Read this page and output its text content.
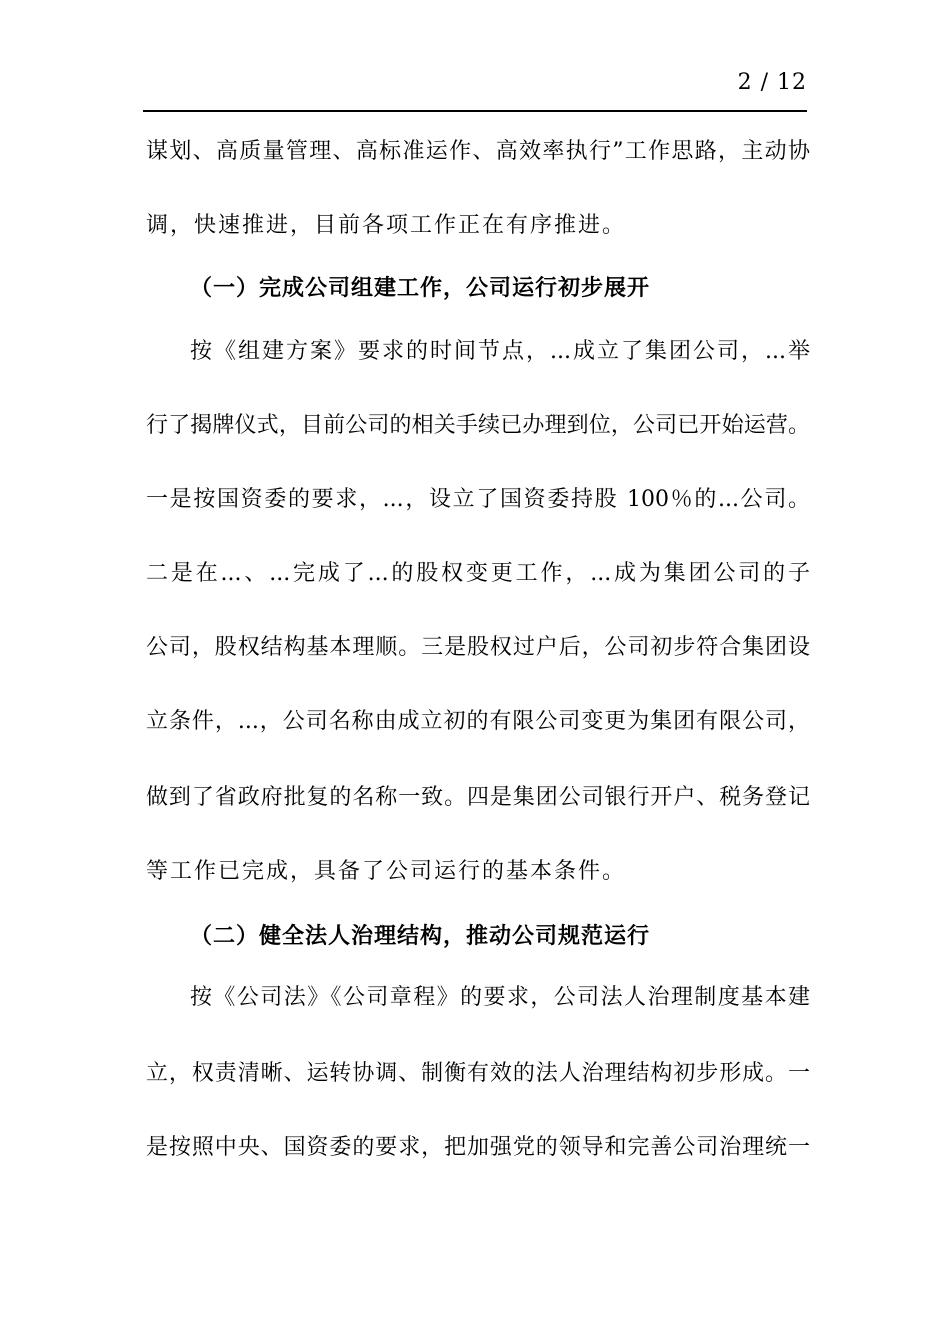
2 / 12
谋划、高质量管理、高标准运作、高效率执行”工作思路，主动协
调，快速推进，目前各项工作正在有序推进。
（一）完成公司组建工作，公司运行初步展开
按《组建方案》要求的时间节点，...成立了集团公司，...举
行了揭牌仪式，目前公司的相关手续已办理到位，公司已开始运营。
一是按国资委的要求，...，设立了国资委持股 100％的...公司。
二是在...、...完成了...的股权变更工作，...成为集团公司的子
公司，股权结构基本理顺。三是股权过户后，公司初步符合集团设
立条件，...，公司名称由成立初的有限公司变更为集团有限公司，
做到了省政府批复的名称一致。四是集团公司银行开户、税务登记
等工作已完成，具备了公司运行的基本条件。
（二）健全法人治理结构，推动公司规范运行
按《公司法》《公司章程》的要求，公司法人治理制度基本建
立，权责清晰、运转协调、制衡有效的法人治理结构初步形成。一
是按照中央、国资委的要求，把加强党的领导和完善公司治理统一
